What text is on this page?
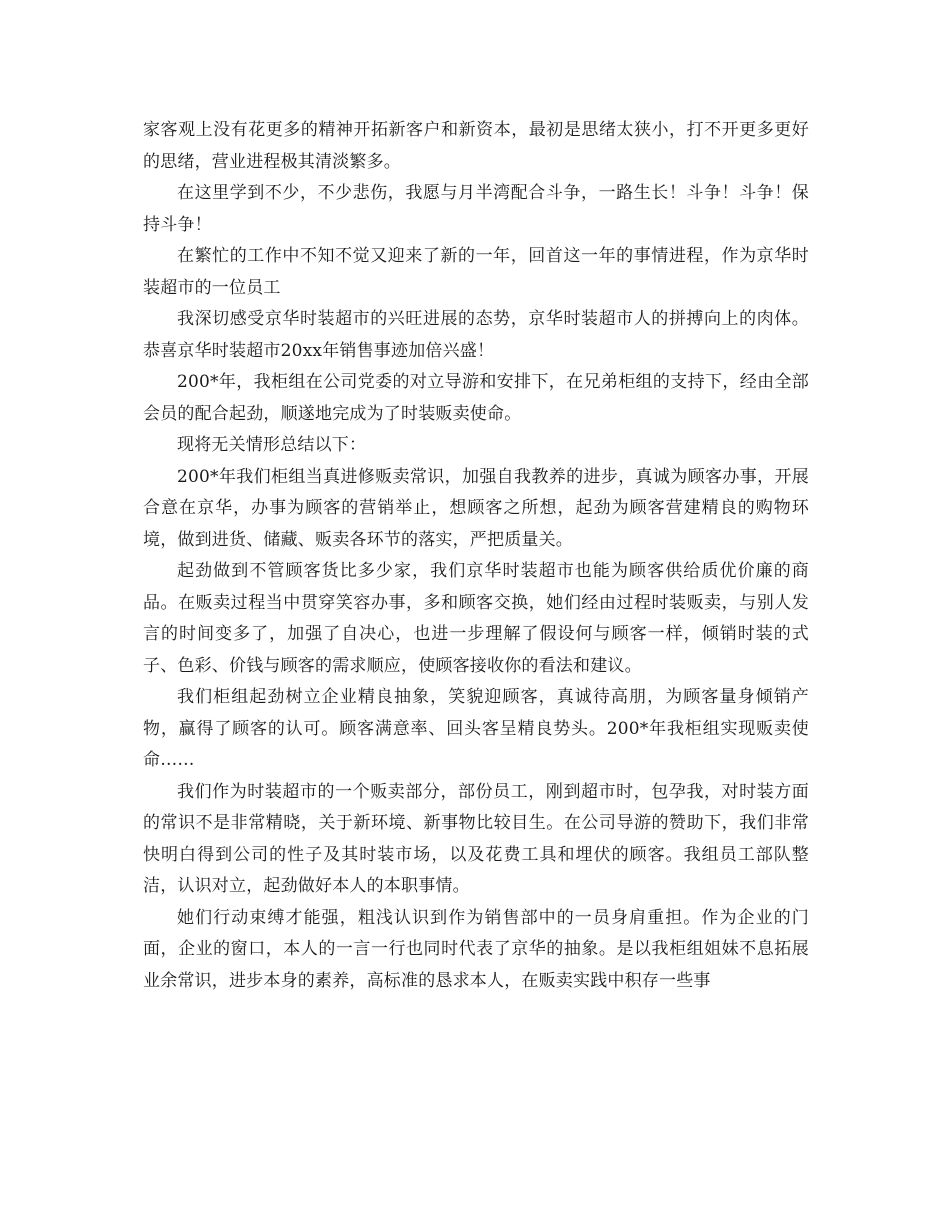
家客观上没有花更多的精神开拓新客户和新资本，最初是思绪太狭小，打不开更多更好的思绪，营业进程极其清淡繁多。

在这里学到不少，不少悲伤，我愿与月半湾配合斗争，一路生长！斗争！斗争！保持斗争！

在繁忙的工作中不知不觉又迎来了新的一年，回首这一年的事情进程，作为京华时装超市的一位员工

我深切感受京华时装超市的兴旺进展的态势，京华时装超市人的拼搏向上的肉体。恭喜京华时装超市20xx年销售事迹加倍兴盛！

200*年，我柜组在公司党委的对立导游和安排下，在兄弟柜组的支持下，经由全部会员的配合起劲，顺遂地完成为了时装贩卖使命。

现将无关情形总结以下：

200*年我们柜组当真进修贩卖常识，加强自我教养的进步，真诚为顾客办事，开展合意在京华，办事为顾客的营销举止，想顾客之所想，起劲为顾客营建精良的购物环境，做到进货、储藏、贩卖各环节的落实，严把质量关。

起劲做到不管顾客货比多少家，我们京华时装超市也能为顾客供给质优价廉的商品。在贩卖过程当中贯穿笑容办事，多和顾客交换，她们经由过程时装贩卖，与别人发言的时间变多了，加强了自决心，也进一步理解了假设何与顾客一样，倾销时装的式子、色彩、价钱与顾客的需求顺应，使顾客接收你的看法和建议。

我们柜组起劲树立企业精良抽象，笑貌迎顾客，真诚待高朋，为顾客量身倾销产物，赢得了顾客的认可。顾客满意率、回头客呈精良势头。200*年我柜组实现贩卖使命……

我们作为时装超市的一个贩卖部分，部份员工，刚到超市时，包孕我，对时装方面的常识不是非常精晓，关于新环境、新事物比较目生。在公司导游的赞助下，我们非常快明白得到公司的性子及其时装市场，以及花费工具和埋伏的顾客。我组员工部队整洁，认识对立，起劲做好本人的本职事情。

她们行动束缚才能强，粗浅认识到作为销售部中的一员身肩重担。作为企业的门面，企业的窗口，本人的一言一行也同时代表了京华的抽象。是以我柜组姐妹不息拓展业余常识，进步本身的素养，高标准的恳求本人，在贩卖实践中积存一些事
